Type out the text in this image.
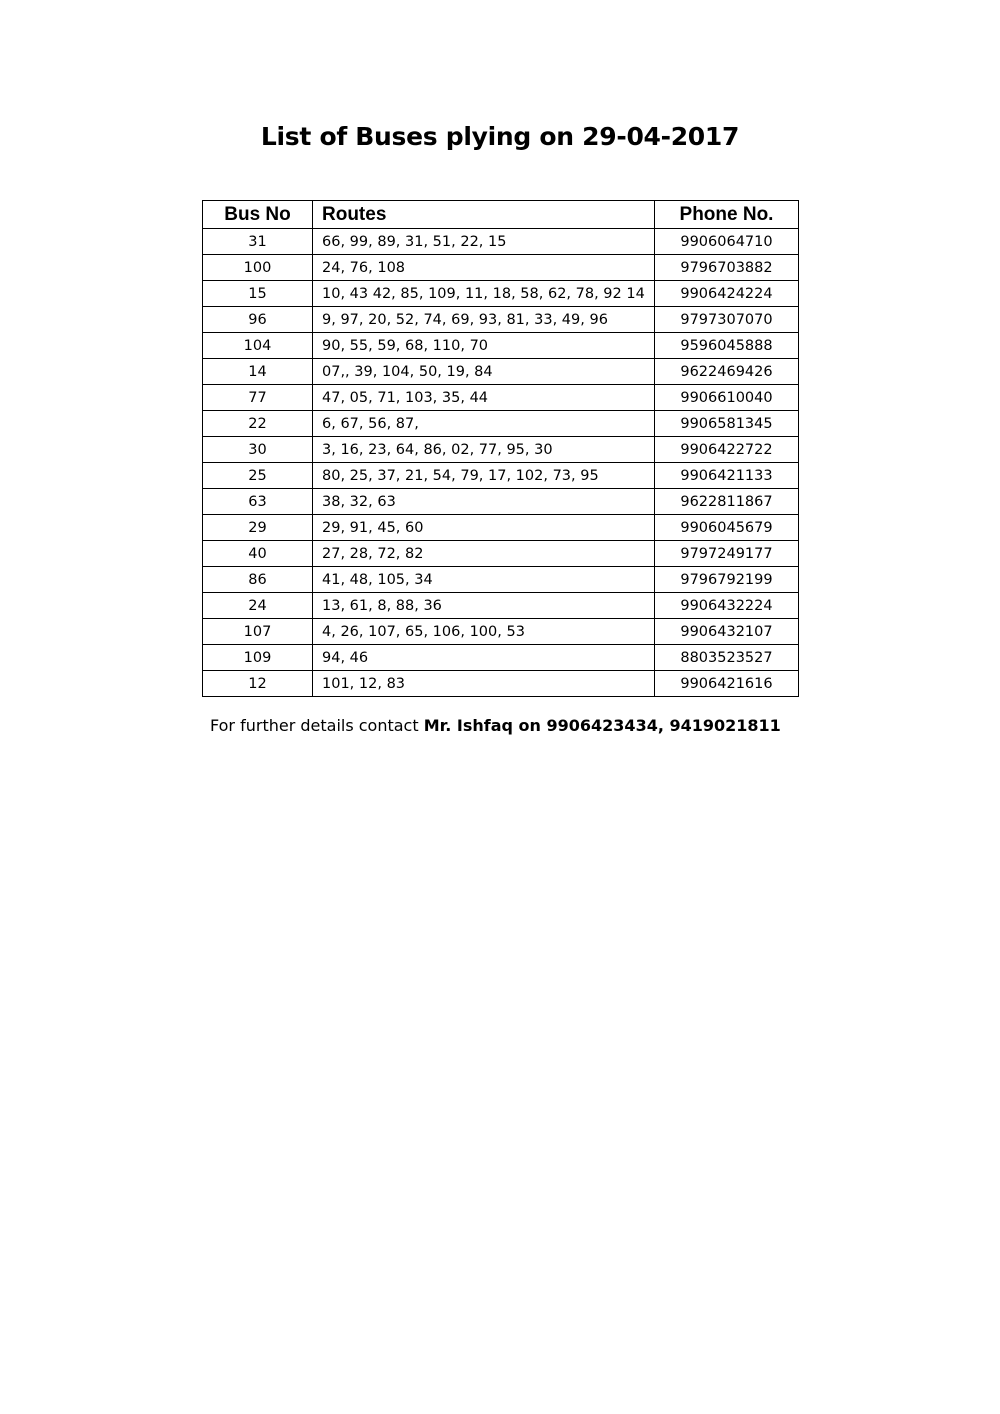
List of Buses plying on 29-04-2017
Bus No	Routes	Phone No.
31	66, 99, 89, 31, 51, 22, 15	9906064710
100	24, 76, 108	9796703882
15	10, 43 42, 85, 109, 11, 18, 58, 62, 78, 92 14	9906424224
96	9, 97, 20, 52, 74, 69, 93, 81, 33, 49, 96	9797307070
104	90, 55, 59, 68, 110, 70	9596045888
14	07,, 39, 104, 50, 19, 84	9622469426
77	47, 05, 71, 103, 35, 44	9906610040
22	6, 67, 56, 87,	9906581345
30	3, 16, 23, 64, 86, 02, 77, 95, 30	9906422722
25	80, 25, 37, 21, 54, 79, 17, 102, 73, 95	9906421133
63	38, 32, 63	9622811867
29	29, 91, 45, 60	9906045679
40	27, 28, 72, 82	9797249177
86	41, 48, 105, 34	9796792199
24	13, 61, 8, 88, 36	9906432224
107	4, 26, 107, 65, 106, 100, 53	9906432107
109	94, 46	8803523527
12	101, 12, 83	9906421616
For further details contact Mr. Ishfaq on 9906423434, 9419021811
